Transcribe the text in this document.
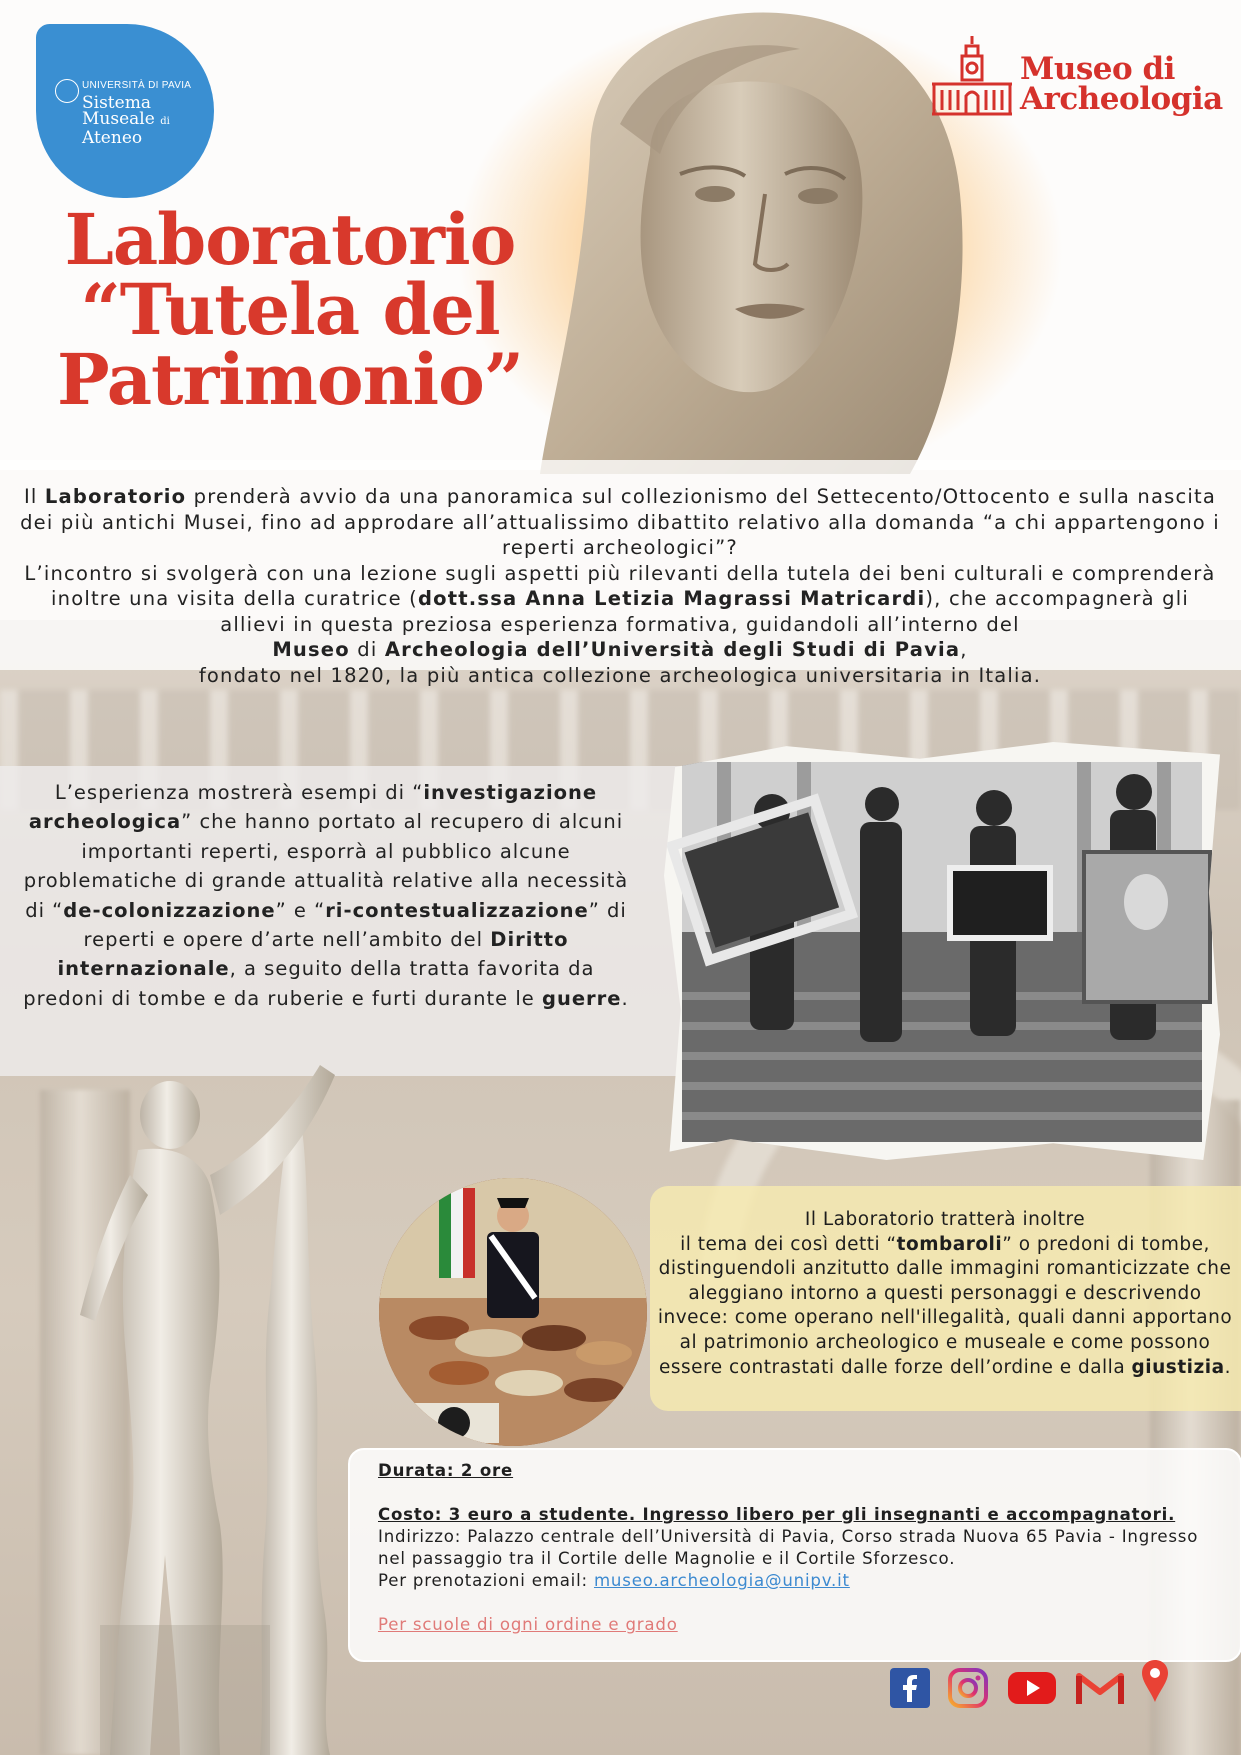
UNIVERSITÀ DI PAVIA
Sistema
Museale di
Ateneo
Museo di
Archeologia
Laboratorio
“Tutela del
Patrimonio”

Il Laboratorio prenderà avvio da una panoramica sul collezionismo del Settecento/Ottocento e sulla nascita dei più antichi Musei, fino ad approdare all’attualissimo dibattito relativo alla domanda “a chi appartengono i reperti archeologici”?

L’incontro si svolgerà con una lezione sugli aspetti più rilevanti della tutela dei beni culturali e comprenderà inoltre una visita della curatrice (dott.ssa Anna Letizia Magrassi Matricardi), che accompagnerà gli allievi in questa preziosa esperienza formativa, guidandoli all’interno del
Museo di Archeologia dell’Università degli Studi di Pavia,

fondato nel 1820, la più antica collezione archeologica universitaria in Italia.

L’esperienza mostrerà esempi di “investigazione archeologica” che hanno portato al recupero di alcuni importanti reperti, esporrà al pubblico alcune problematiche di grande attualità relative alla necessità di “de-colonizzazione” e “ri-contestualizzazione” di reperti e opere d’arte nell’ambito del Diritto internazionale, a seguito della tratta favorita da predoni di tombe e da ruberie e furti durante le guerre.

Il Laboratorio tratterà inoltre

il tema dei così detti “tombaroli” o predoni di tombe, distinguendoli anzitutto dalle immagini romanticizzate che aleggiano intorno a questi personaggi e descrivendo invece: come operano nell'illegalità, quali danni apportano al patrimonio archeologico e museale e come possono essere contrastati dalle forze dell’ordine e dalla giustizia.

Durata: 2 ore

Costo: 3 euro a studente. Ingresso libero per gli insegnanti e accompagnatori.

Indirizzo: Palazzo centrale dell’Università di Pavia, Corso strada Nuova 65 Pavia - Ingresso nel passaggio tra il Cortile delle Magnolie e il Cortile Sforzesco.

Per prenotazioni email: museo.archeologia@unipv.it

Per scuole di ogni ordine e grado
